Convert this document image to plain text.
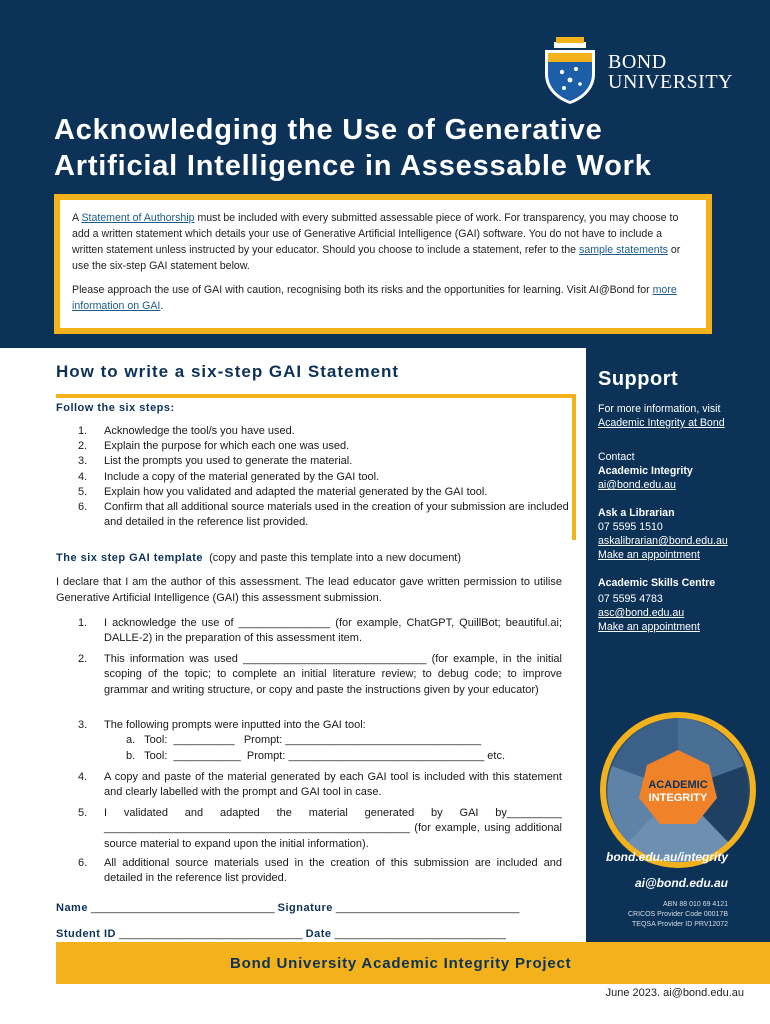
BOND
UNIVERSITY
Acknowledging the Use of Generative
Artificial Intelligence in Assessable Work

A Statement of Authorship must be included with every submitted assessable piece of work. For transparency, you may choose to add a written statement which details your use of Generative Artificial Intelligence (GAI) software. You do not have to include a written statement unless instructed by your educator. Should you choose to include a statement, refer to the sample statements or use the six-step GAI statement below.

Please approach the use of GAI with caution, recognising both its risks and the opportunities for learning. Visit AI@Bond for more information on GAI.

How to write a six-step GAI Statement
Follow the six steps:
1.	Acknowledge the tool/s you have used.
2.	Explain the purpose for which each one was used.
3.	List the prompts you used to generate the material.
4.	Include a copy of the material generated by the GAI tool.
5.	Explain how you validated and adapted the material generated by the GAI tool.
6.	Confirm that all additional source materials used in the creation of your submission are included and detailed in the reference list provided.
The six step GAI template (copy and paste this template into a new document)
I declare that I am the author of this assessment. The lead educator gave written permission to utilise Generative Artificial Intelligence (GAI) this assessment submission.
1.	I acknowledge the use of _______________ (for example, ChatGPT, QuillBot; beautiful.ai; DALLE-2) in the preparation of this assessment item.
2.	This information was used ______________________________ (for example, in the initial scoping of the topic; to complete an initial literature review; to debug code; to improve grammar and writing structure, or copy and paste the instructions given by your educator)
3.	The following prompts were inputted into the GAI tool:
a.   Tool:  __________   Prompt: ________________________________
b.   Tool:  ___________  Prompt: ________________________________ etc.
4.	A copy and paste of the material generated by each GAI tool is included with this statement and clearly labelled with the prompt and GAI tool in case.
5.	I validated and adapted the material generated by GAI by_________ __________________________________________________ (for example, using additional source material to expand upon the initial information).
6.	All additional source materials used in the creation of this submission are included and detailed in the reference list provided.
Name ______________________________ Signature ______________________________
Student ID ______________________________ Date ____________________________
Support
For more information, visit
Academic Integrity at Bond
Contact
Academic Integrity
ai@bond.edu.au
Ask a Librarian
07 5595 1510
askalibrarian@bond.edu.au
Make an appointment
Academic Skills Centre
07 5595 4783
asc@bond.edu.au
Make an appointment
ACADEMIC
INTEGRITY
bond.edu.au/integrity
ai@bond.edu.au
ABN 88 010 69 4121
CRICOS Provider Code 00017B
TEQSA Provider ID PRV12072
Bond University Academic Integrity Project
June 2023. ai@bond.edu.au
